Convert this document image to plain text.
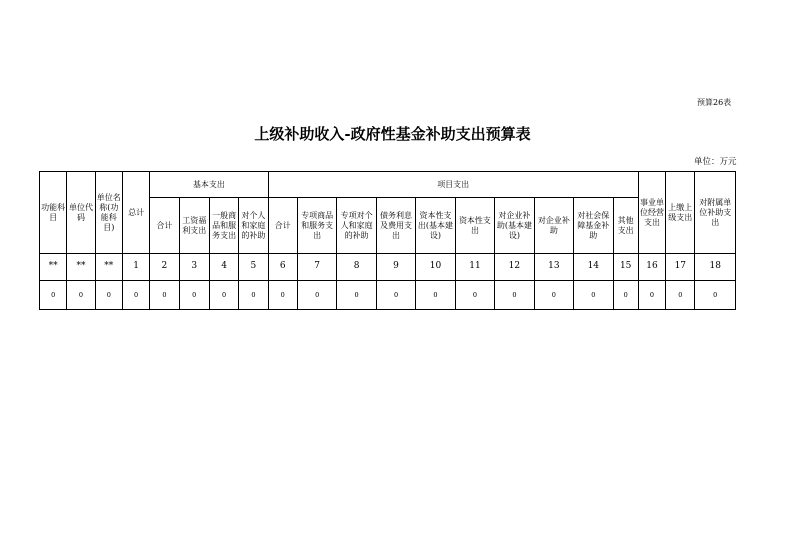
预算26表
上级补助收入-政府性基金补助支出预算表
单位：万元
功能科目	单位代码	单位名称(功能科目)	总计	基本支出				项目支出										事业单位经营支出	上缴上级支出	对附属单位补助支出
				合计	工资福利支出	一般商品和服务支出	对个人和家庭的补助	合计	专项商品和服务支出	专项对个人和家庭的补助	债务利息及费用支出	资本性支出(基本建设)	资本性支出	对企业补助(基本建设)	对企业补助	对社会保障基金补助	其他支出			
**	**	**	1	2	3	4	5	6	7	8	9	10	11	12	13	14	15	16	17	18
0	0	0	0	0	0	0	0	0	0	0	0	0	0	0	0	0	0	0	0	0
